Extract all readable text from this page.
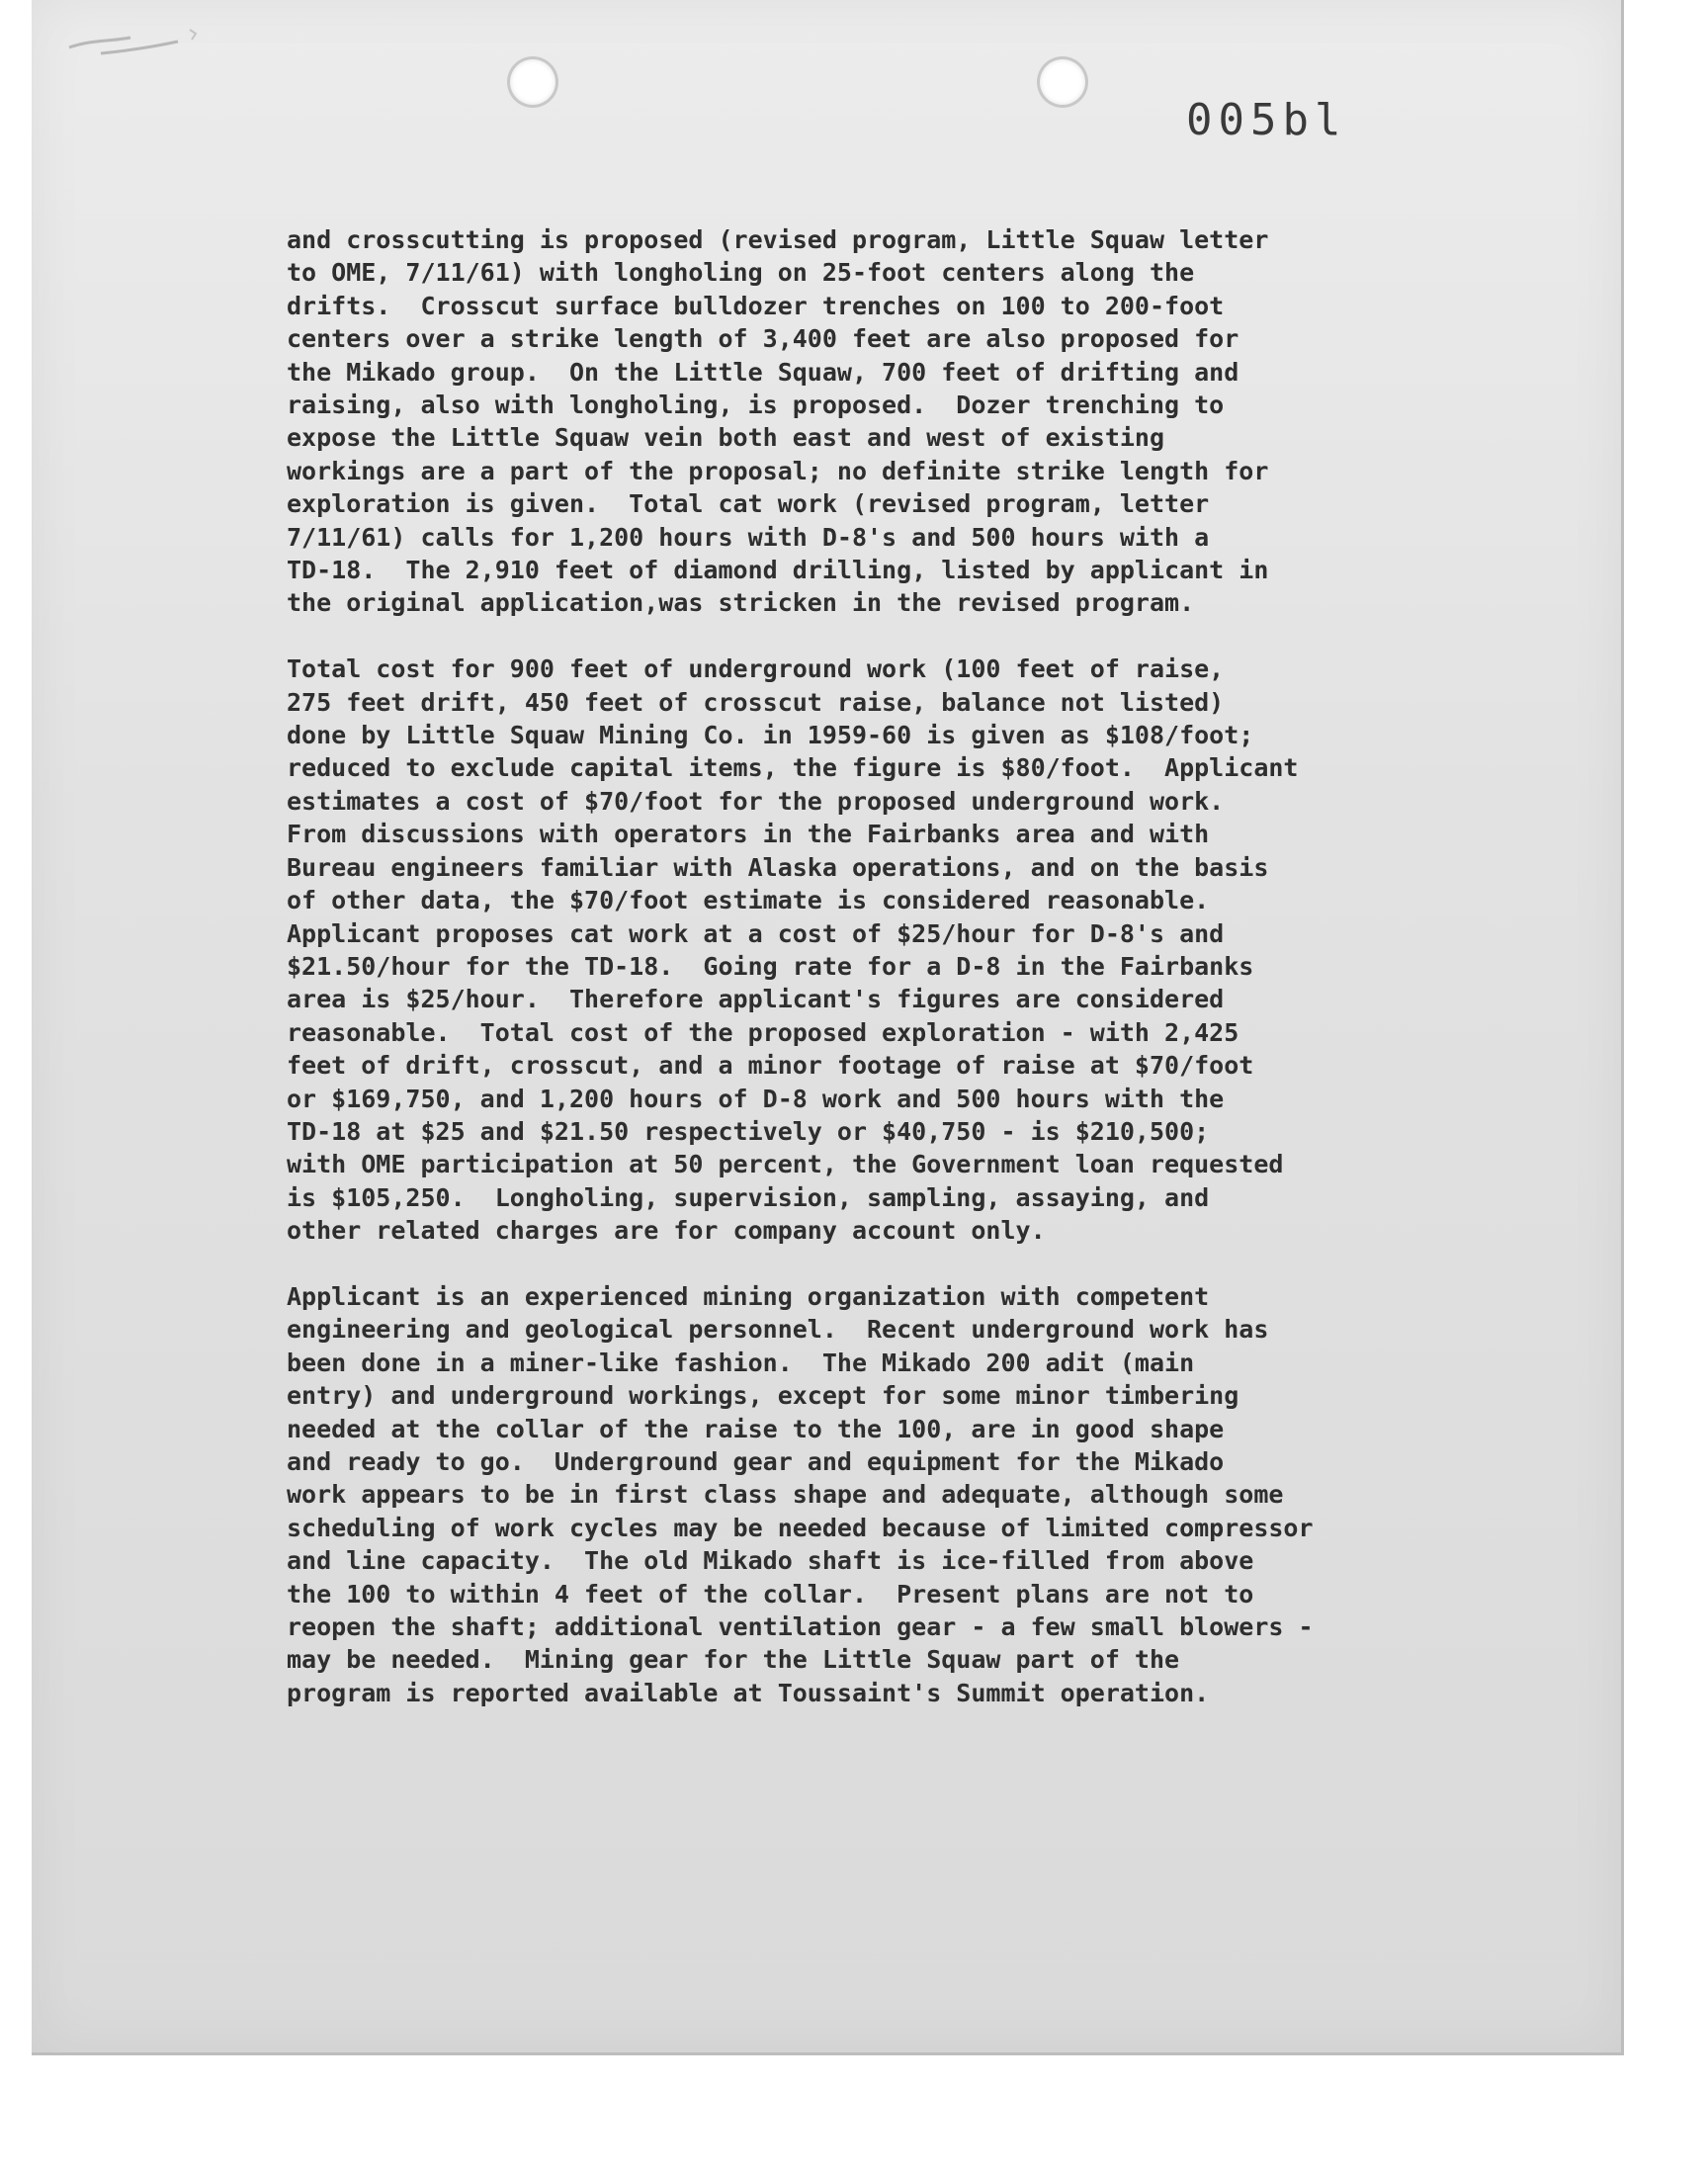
005bl
and crosscutting is proposed (revised program, Little Squaw letter
to OME, 7/11/61) with longholing on 25-foot centers along the
drifts.  Crosscut surface bulldozer trenches on 100 to 200-foot
centers over a strike length of 3,400 feet are also proposed for
the Mikado group.  On the Little Squaw, 700 feet of drifting and
raising, also with longholing, is proposed.  Dozer trenching to
expose the Little Squaw vein both east and west of existing
workings are a part of the proposal; no definite strike length for
exploration is given.  Total cat work (revised program, letter
7/11/61) calls for 1,200 hours with D-8's and 500 hours with a
TD-18.  The 2,910 feet of diamond drilling, listed by applicant in
the original application,was stricken in the revised program.
Total cost for 900 feet of underground work (100 feet of raise,
275 feet drift, 450 feet of crosscut raise, balance not listed)
done by Little Squaw Mining Co. in 1959-60 is given as $108/foot;
reduced to exclude capital items, the figure is $80/foot.  Applicant
estimates a cost of $70/foot for the proposed underground work.
From discussions with operators in the Fairbanks area and with
Bureau engineers familiar with Alaska operations, and on the basis
of other data, the $70/foot estimate is considered reasonable.
Applicant proposes cat work at a cost of $25/hour for D-8's and
$21.50/hour for the TD-18.  Going rate for a D-8 in the Fairbanks
area is $25/hour.  Therefore applicant's figures are considered
reasonable.  Total cost of the proposed exploration - with 2,425
feet of drift, crosscut, and a minor footage of raise at $70/foot
or $169,750, and 1,200 hours of D-8 work and 500 hours with the
TD-18 at $25 and $21.50 respectively or $40,750 - is $210,500;
with OME participation at 50 percent, the Government loan requested
is $105,250.  Longholing, supervision, sampling, assaying, and
other related charges are for company account only.
Applicant is an experienced mining organization with competent
engineering and geological personnel.  Recent underground work has
been done in a miner-like fashion.  The Mikado 200 adit (main
entry) and underground workings, except for some minor timbering
needed at the collar of the raise to the 100, are in good shape
and ready to go.  Underground gear and equipment for the Mikado
work appears to be in first class shape and adequate, although some
scheduling of work cycles may be needed because of limited compressor
and line capacity.  The old Mikado shaft is ice-filled from above
the 100 to within 4 feet of the collar.  Present plans are not to
reopen the shaft; additional ventilation gear - a few small blowers -
may be needed.  Mining gear for the Little Squaw part of the
program is reported available at Toussaint's Summit operation.
